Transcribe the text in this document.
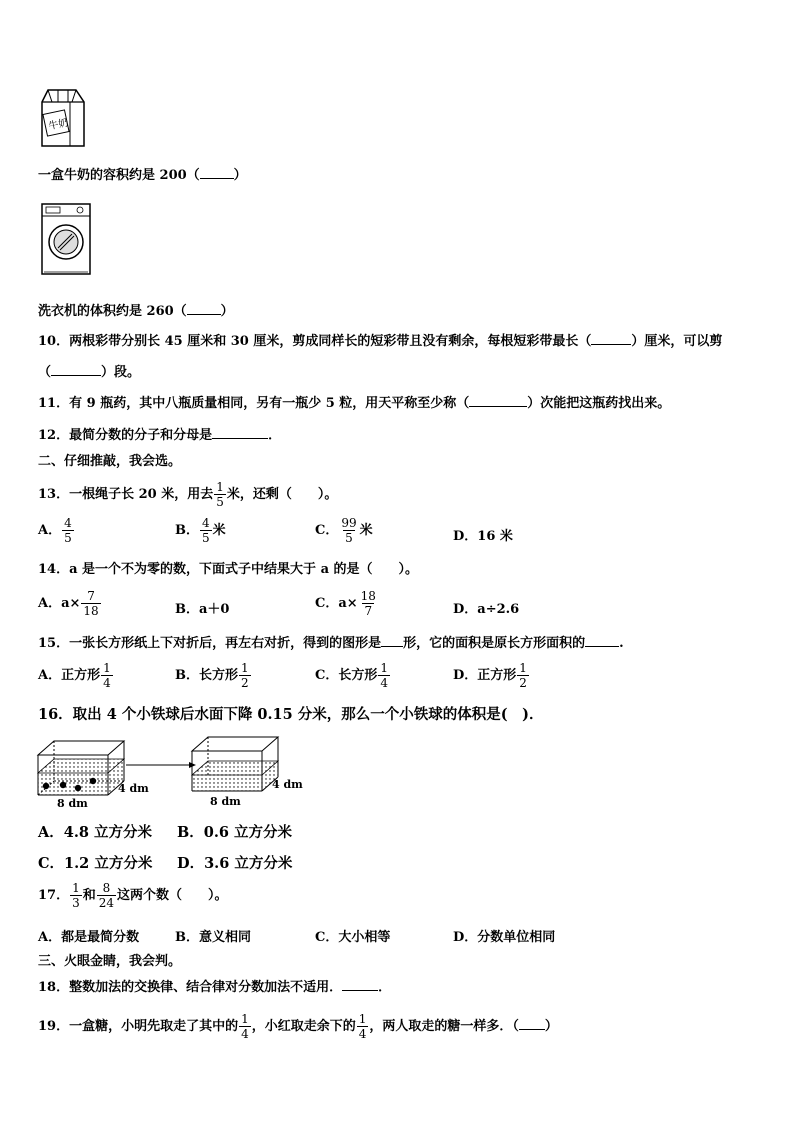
牛奶
一盒牛奶的容积约是 200（	）
洗衣机的体积约是 260（	）
10．两根彩带分别长 45 厘米和 30 厘米，剪成同样长的短彩带且没有剩余，每根短彩带最长（	）厘米，可以剪
（	）段。
11．有 9 瓶药，其中八瓶质量相同，另有一瓶少 5 粒，用天平称至少称（	）次能把这瓶药找出来。
12．最简分数的分子和分母是	．
二、仔细推敲，我会选。
13．一根绳子长 20 米，用去 $\frac{1}{5}$ 米，还剩（　　）。
A． $\frac{4}{5}$	B． $\frac{4}{5}$ 米	C． $\frac{99}{5}$ 米	D．16 米
14．a 是一个不为零的数，下面式子中结果大于 a 的是（　　）。
A．$a\times \frac{7}{18}$	B．a＋0	C．$a\times \frac{18}{7}$	D．a÷2.6
15．一张长方形纸上下对折后，再左右对折，得到的图形是 形，它的面积是原长方形面积的	.
A．正方形 $\frac{1}{4}$	B．长方形 $\frac{1}{2}$	C．长方形 $\frac{1}{4}$	D．正方形 $\frac{1}{2}$
16．取出 4 个小铁球后水面下降 0.15 分米，那么一个小铁球的体积是(　)．
4 dm
8 dm
4 dm
8 dm
A．4.8 立方分米 B．0.6 立方分米
C．1.2 立方分米 D．3.6 立方分米
17． $\frac{1}{3}$ 和 $\frac{8}{24}$ 这两个数（　　）。
A．都是最简分数	B．意义相同	C．大小相等	D．分数单位相同
三、火眼金睛，我会判。
18．整数加法的交换律、结合律对分数加法不适用．	．
19．一盒糖，小明先取走了其中的 $\frac{1}{4}$ ，小红取走余下的 $\frac{1}{4}$ ，两人取走的糖一样多．（ ）
